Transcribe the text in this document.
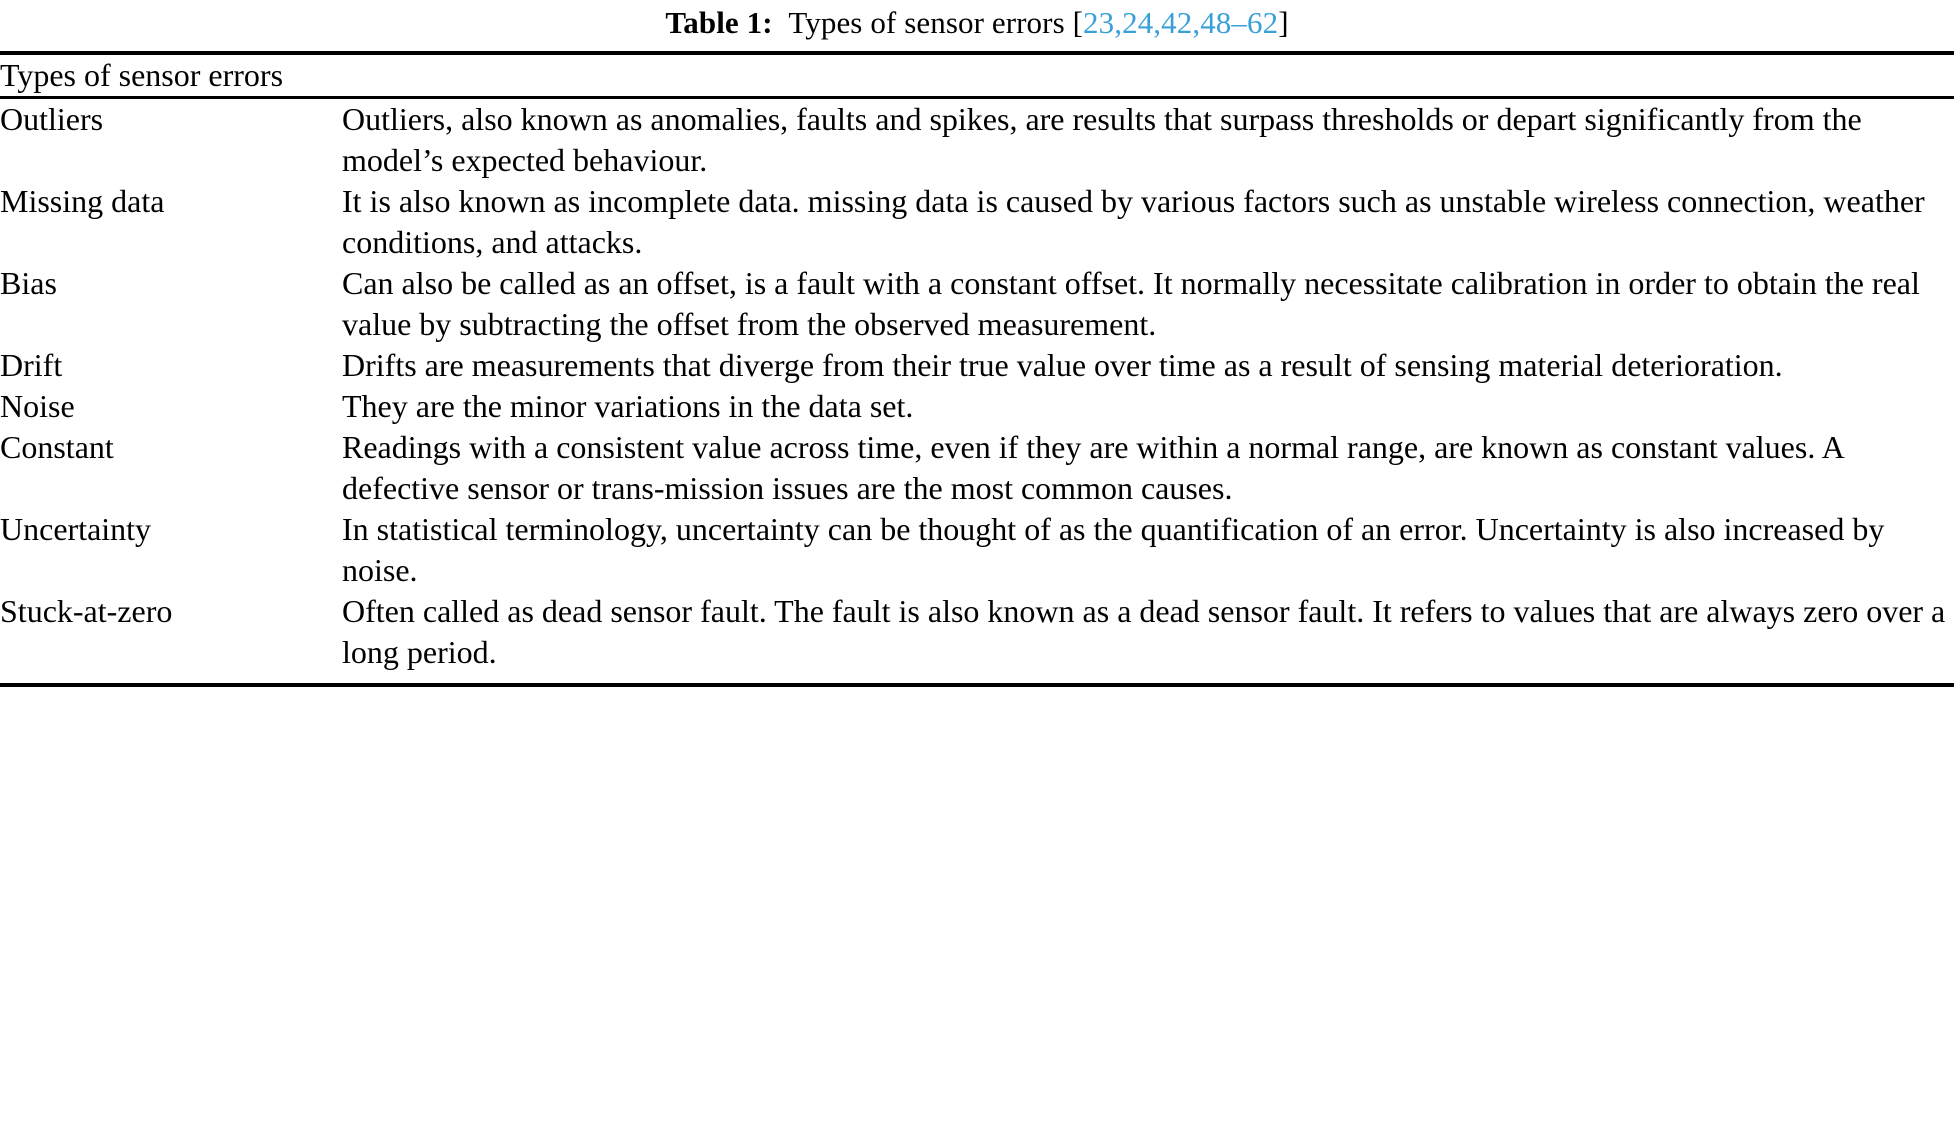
Table 1: Types of sensor errors [23,24,42,48–62]
Types of sensor errors
Outliers	Outliers, also known as anomalies, faults and spikes, are results that surpass thresholds or depart significantly from the model’s expected behaviour.

Missing data	It is also known as incomplete data. missing data is caused by various factors such as unstable wireless connection, weather conditions, and attacks.

Bias	Can also be called as an offset, is a fault with a constant offset. It normally necessitate calibration in order to obtain the real value by subtracting the offset from the observed measurement.

Drift	Drifts are measurements that diverge from their true value over time as a result of sensing material deterioration.

Noise	They are the minor variations in the data set.

Constant	Readings with a consistent value across time, even if they are within a normal range, are known as constant values. A defective sensor or trans-mission issues are the most common causes.

Uncertainty	In statistical terminology, uncertainty can be thought of as the quantification of an error. Uncertainty is also increased by noise.

Stuck-at-zero	Often called as dead sensor fault. The fault is also known as a dead sensor fault. It refers to values that are always zero over a long period.
